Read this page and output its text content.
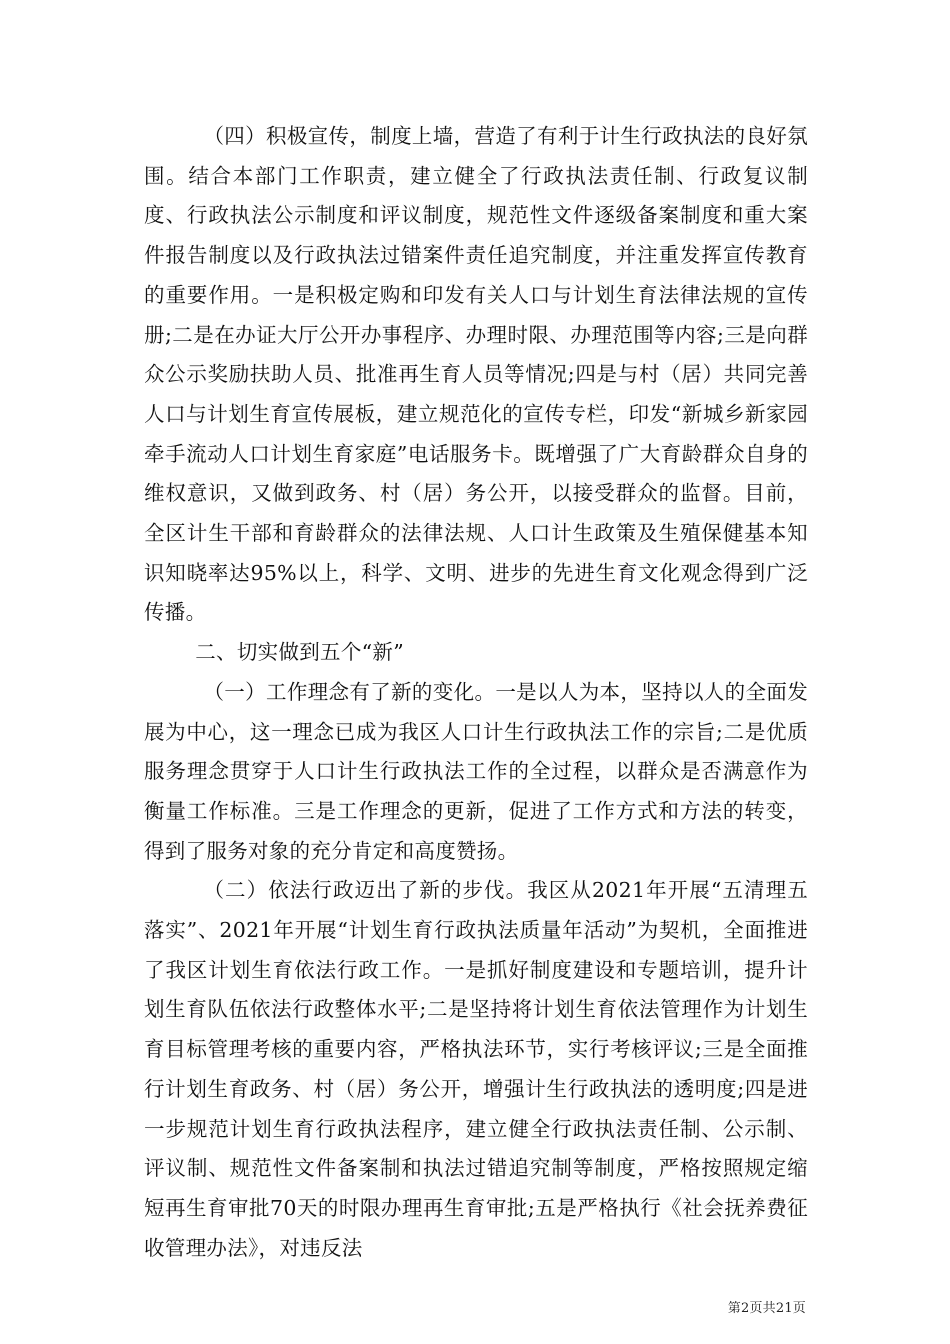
（四）积极宣传，制度上墙，营造了有利于计生行政执法的良好氛围。结合本部门工作职责，建立健全了行政执法责任制、行政复议制度、行政执法公示制度和评议制度，规范性文件逐级备案制度和重大案件报告制度以及行政执法过错案件责任追究制度，并注重发挥宣传教育的重要作用。一是积极定购和印发有关人口与计划生育法律法规的宣传册;二是在办证大厅公开办事程序、办理时限、办理范围等内容;三是向群众公示奖励扶助人员、批准再生育人员等情况;四是与村（居）共同完善人口与计划生育宣传展板，建立规范化的宣传专栏，印发“新城乡新家园牵手流动人口计划生育家庭”电话服务卡。既增强了广大育龄群众自身的维权意识，又做到政务、村（居）务公开，以接受群众的监督。目前，全区计生干部和育龄群众的法律法规、人口计生政策及生殖保健基本知识知晓率达95%以上，科学、文明、进步的先进生育文化观念得到广泛传播。

二、切实做到五个“新”

（一）工作理念有了新的变化。一是以人为本，坚持以人的全面发展为中心，这一理念已成为我区人口计生行政执法工作的宗旨;二是优质服务理念贯穿于人口计生行政执法工作的全过程，以群众是否满意作为衡量工作标准。三是工作理念的更新，促进了工作方式和方法的转变，得到了服务对象的充分肯定和高度赞扬。

（二）依法行政迈出了新的步伐。我区从2021年开展“五清理五落实”、2021年开展“计划生育行政执法质量年活动”为契机，全面推进了我区计划生育依法行政工作。一是抓好制度建设和专题培训，提升计划生育队伍依法行政整体水平;二是坚持将计划生育依法管理作为计划生育目标管理考核的重要内容，严格执法环节，实行考核评议;三是全面推行计划生育政务、村（居）务公开，增强计生行政执法的透明度;四是进一步规范计划生育行政执法程序，建立健全行政执法责任制、公示制、评议制、规范性文件备案制和执法过错追究制等制度，严格按照规定缩短再生育审批70天的时限办理再生育审批;五是严格执行《社会抚养费征收管理办法》，对违反法

第2页共21页
